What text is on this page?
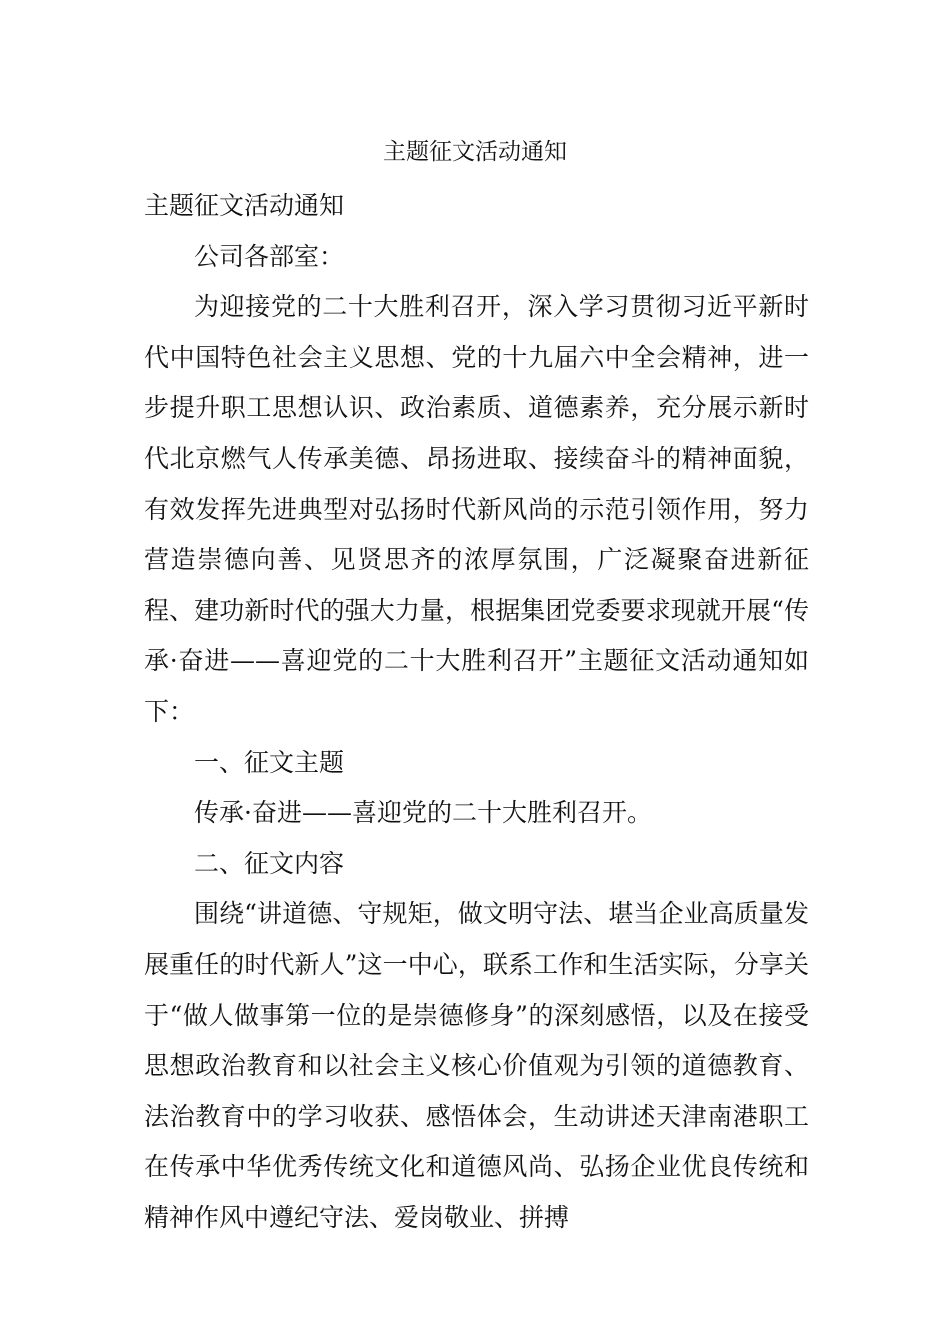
主题征文活动通知

主题征文活动通知

公司各部室：

为迎接党的二十大胜利召开，深入学习贯彻习近平新时代中国特色社会主义思想、党的十九届六中全会精神，进一步提升职工思想认识、政治素质、道德素养，充分展示新时代北京燃气人传承美德、昂扬进取、接续奋斗的精神面貌，有效发挥先进典型对弘扬时代新风尚的示范引领作用，努力营造崇德向善、见贤思齐的浓厚氛围，广泛凝聚奋进新征程、建功新时代的强大力量，根据集团党委要求现就开展“传承·奋进——喜迎党的二十大胜利召开”主题征文活动通知如下：

一、征文主题

传承·奋进——喜迎党的二十大胜利召开。

二、征文内容

围绕“讲道德、守规矩，做文明守法、堪当企业高质量发展重任的时代新人”这一中心，联系工作和生活实际，分享关于“做人做事第一位的是崇德修身”的深刻感悟，以及在接受思想政治教育和以社会主义核心价值观为引领的道德教育、法治教育中的学习收获、感悟体会，生动讲述天津南港职工在传承中华优秀传统文化和道德风尚、弘扬企业优良传统和精神作风中遵纪守法、爱岗敬业、拼搏
